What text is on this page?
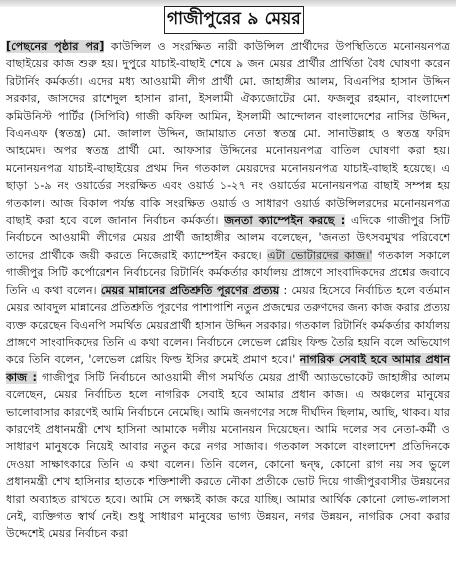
গাজীপুরের ৯ মেয়র

[পেছনের পৃষ্ঠার পর] কাউন্সিল ও সংরক্ষিত নারী কাউন্সিল প্রার্থীদের উপস্থিতিতে মনোনয়নপত্র বাছাইয়ের কাজ শুরু হয়। দুপুরে যাচাই-বাছাই শেষে ৯ জন মেয়র প্রার্থীর প্রার্থিতা বৈধ ঘোষণা করেন রিটার্নিং কর্মকর্তা। এদের মধ্য আওয়ামী লীগ প্রার্থী মো. জাহাঙ্গীর আলম, বিএনপির হাসান উদ্দিন সরকার, জাসদের রাশেদুল হাসান রানা, ইসলামী ঐক্যজোটের মো. ফজলুর রহমান, বাংলাদেশ কমিউনিস্ট পার্টির (সিপিবি) গাজী কফিল আমিন, ইসলামী আন্দোলন বাংলাদেশের নাসির উদ্দিন, বিএনএফ (স্বতন্ত্র) মো. জালাল উদ্দিন, জামায়াত নেতা স্বতন্ত্র মো. সানাউল্লাহ ও স্বতন্ত্র ফরিদ আহমেদ। অপর স্বতন্ত্র প্রার্থী মো. আফসার উদ্দিনের মনোনয়নপত্র বাতিল ঘোষণা করা হয়। মনোনয়নপত্র যাচাই-বাছাইয়ের প্রথম দিন গতকাল মেয়রদের মনোনয়নপত্র যাচাই-বাছাই হয়েছে। এ ছাড়া ১-৯ নং ওয়ার্ডের সংরক্ষিত এবং ওয়ার্ড ১-২৭ নং ওয়ার্ডের মনোনয়নপত্র বাছাই সম্পন্ন হয় গতকাল। আজ বিকাল পর্যন্ত বাকি সংরক্ষিত ওয়ার্ড ও সাধারণ ওয়ার্ড কাউন্সিলরদের মনোনয়নপত্র বাছাই করা হবে বলে জানান নির্বাচন কর্মকর্তা। জনতা ক্যাম্পেইন করছে : এদিকে গাজীপুর সিটি নির্বাচনে আওয়ামী লীগের মেয়র প্রার্থী জাহাঙ্গীর আলম বলেছেন, 'জনতা উৎসবমুখর পরিবেশে তাদের প্রার্থীকে জয়ী করতে নিজেরাই ক্যাম্পেইন করছে। এটা ভোটারদের কাজ।' গতকাল সকালে গাজীপুর সিটি কর্পোরেশন নির্বাচনের রিটার্নিং কর্মকর্তার কার্যালয় প্রাঙ্গণে সাংবাদিকদের প্রশ্নের জবাবে তিনি এ কথা বলেন। মেয়র মান্নানের প্রতিশ্রুতি পূরণের প্রত্যয় : মেয়র হিসেবে নির্বাচিত হলে বর্তমান মেয়র আবদুল মান্নানের প্রতিশ্রুতি পূরণের পাশাপাশি নতুন প্রজন্মের তরুণদের জন্য কাজ করার প্রত্যয় ব্যক্ত করেছেন বিএনপি সমর্থিত মেয়রপ্রার্থী হাসান উদ্দিন সরকার। গতকাল রিটার্নিং কর্মকর্তার কার্যালয় প্রাঙ্গণে সাংবাদিকদের তিনি এ কথা বলেন। নির্বাচনে লেভেল প্লেয়িং ফিল্ড তৈরি হয়নি বলে অভিযোগ করে তিনি বলেন, 'লেভেল প্লেয়িং ফিল্ড ইসির রুমেই প্রমাণ হবে।' নাগরিক সেবাই হবে আমার প্রধান কাজ : গাজীপুর সিটি নির্বাচনে আওয়ামী লীগ সমর্থিত মেয়র প্রার্থী অ্যাডভোকেট জাহাঙ্গীর আলম বলেছেন, মেয়র নির্বাচিত হলে নাগরিক সেবাই হবে আমার প্রধান কাজ। এ অঞ্চলের মানুষের ভালোবাসার কারণেই আমি নির্বাচনে নেমেছি। আমি জনগণের সঙ্গে দীর্ঘদিন ছিলাম, আছি, থাকব। যার কারণেই প্রধানমন্ত্রী শেখ হাসিনা আমাকে দলীয় মনোনয়ন দিয়েছেন। আমি দলের সব নেতা-কর্মী ও সাধারণ মানুষকে নিয়েই আবার নতুন করে নগর সাজাব। গতকাল সকালে বাংলাদেশ প্রতিদিনকে দেওয়া সাক্ষাৎকারে তিনি এ কথা বলেন। তিনি বলেন, কোনো দ্বন্দ্ব, কোনো রাগ নয় সব ভুলে প্রধানমন্ত্রী শেখ হাসিনার হাতকে শক্তিশালী করতে নৌকা প্রতীকে ভোট দিয়ে গাজীপুরবাসীর উন্নয়নের ধারা অব্যাহত রাখতে হবে। আমি সে লক্ষ্যই কাজ করে যাচ্ছি। আমার আর্থিক কোনো লোভ-লালসা নেই, ব্যক্তিগত স্বার্থ নেই। শুধু সাধারণ মানুষের ভাগ্য উন্নয়ন, নগর উন্নয়ন, নাগরিক সেবা করার উদ্দেশেই মেয়র নির্বাচন করা
